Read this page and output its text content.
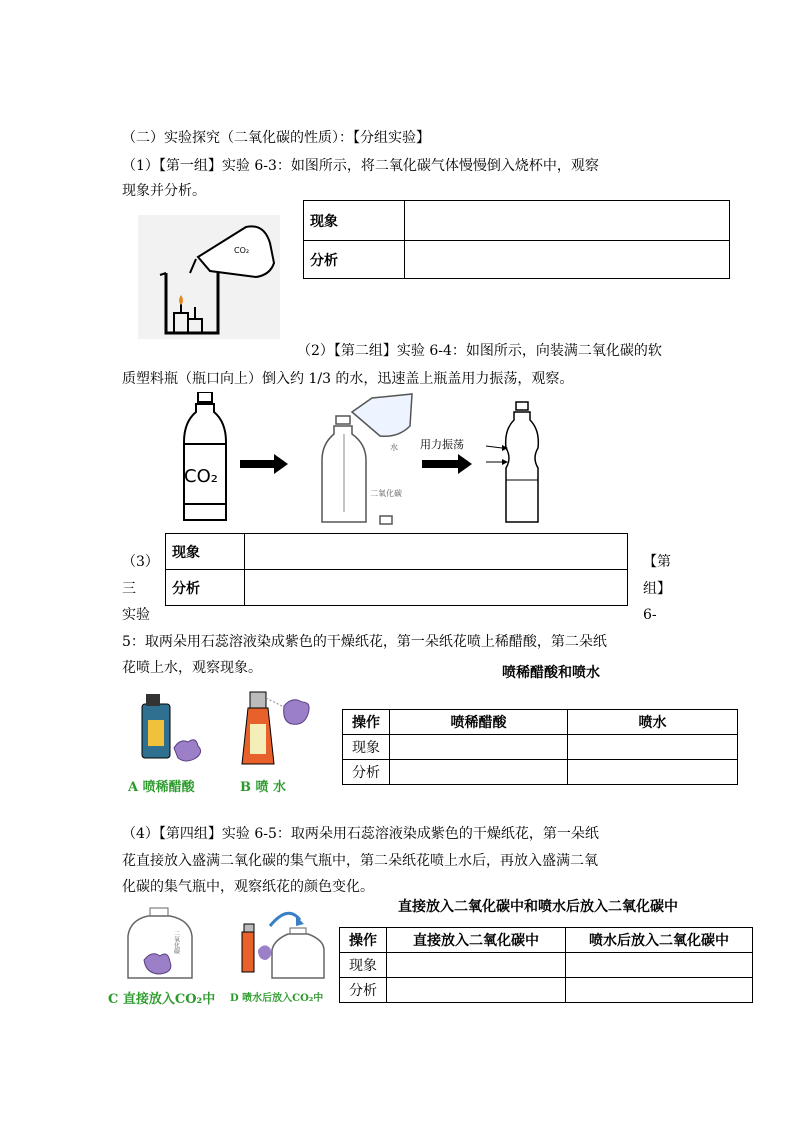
（二）实验探究（二氧化碳的性质）：【分组实验】
（1）【第一组】实验 6-3：如图所示，将二氧化碳气体慢慢倒入烧杯中，观察
现象并分析。
CO₂
现象	
分析	
（2）【第二组】实验 6-4：如图所示，向装满二氧化碳的软
质塑料瓶（瓶口向上）倒入约 1/3 的水，迅速盖上瓶盖用力振荡，观察。
CO₂
二氧化碳
水 用力振荡
现象	
分析	
（3）
三
实验
【第
组】
6-
5：取两朵用石蕊溶液染成紫色的干燥纸花，第一朵纸花喷上稀醋酸，第二朵纸
花喷上水，观察现象。	喷稀醋酸和喷水
A 喷稀醋酸	B 喷 水
操作	喷稀醋酸	喷水
现象		
分析		
（4）【第四组】实验 6-5：取两朵用石蕊溶液染成紫色的干燥纸花，第一朵纸
花直接放入盛满二氧化碳的集气瓶中，第二朵纸花喷上水后，再放入盛满二氧
化碳的集气瓶中，观察纸花的颜色变化。
直接放入二氧化碳中和喷水后放入二氧化碳中
二氧化碳
C 直接放入CO₂中 D 喷水后放入CO₂中
操作	直接放入二氧化碳中	喷水后放入二氧化碳中
现象		
分析		
